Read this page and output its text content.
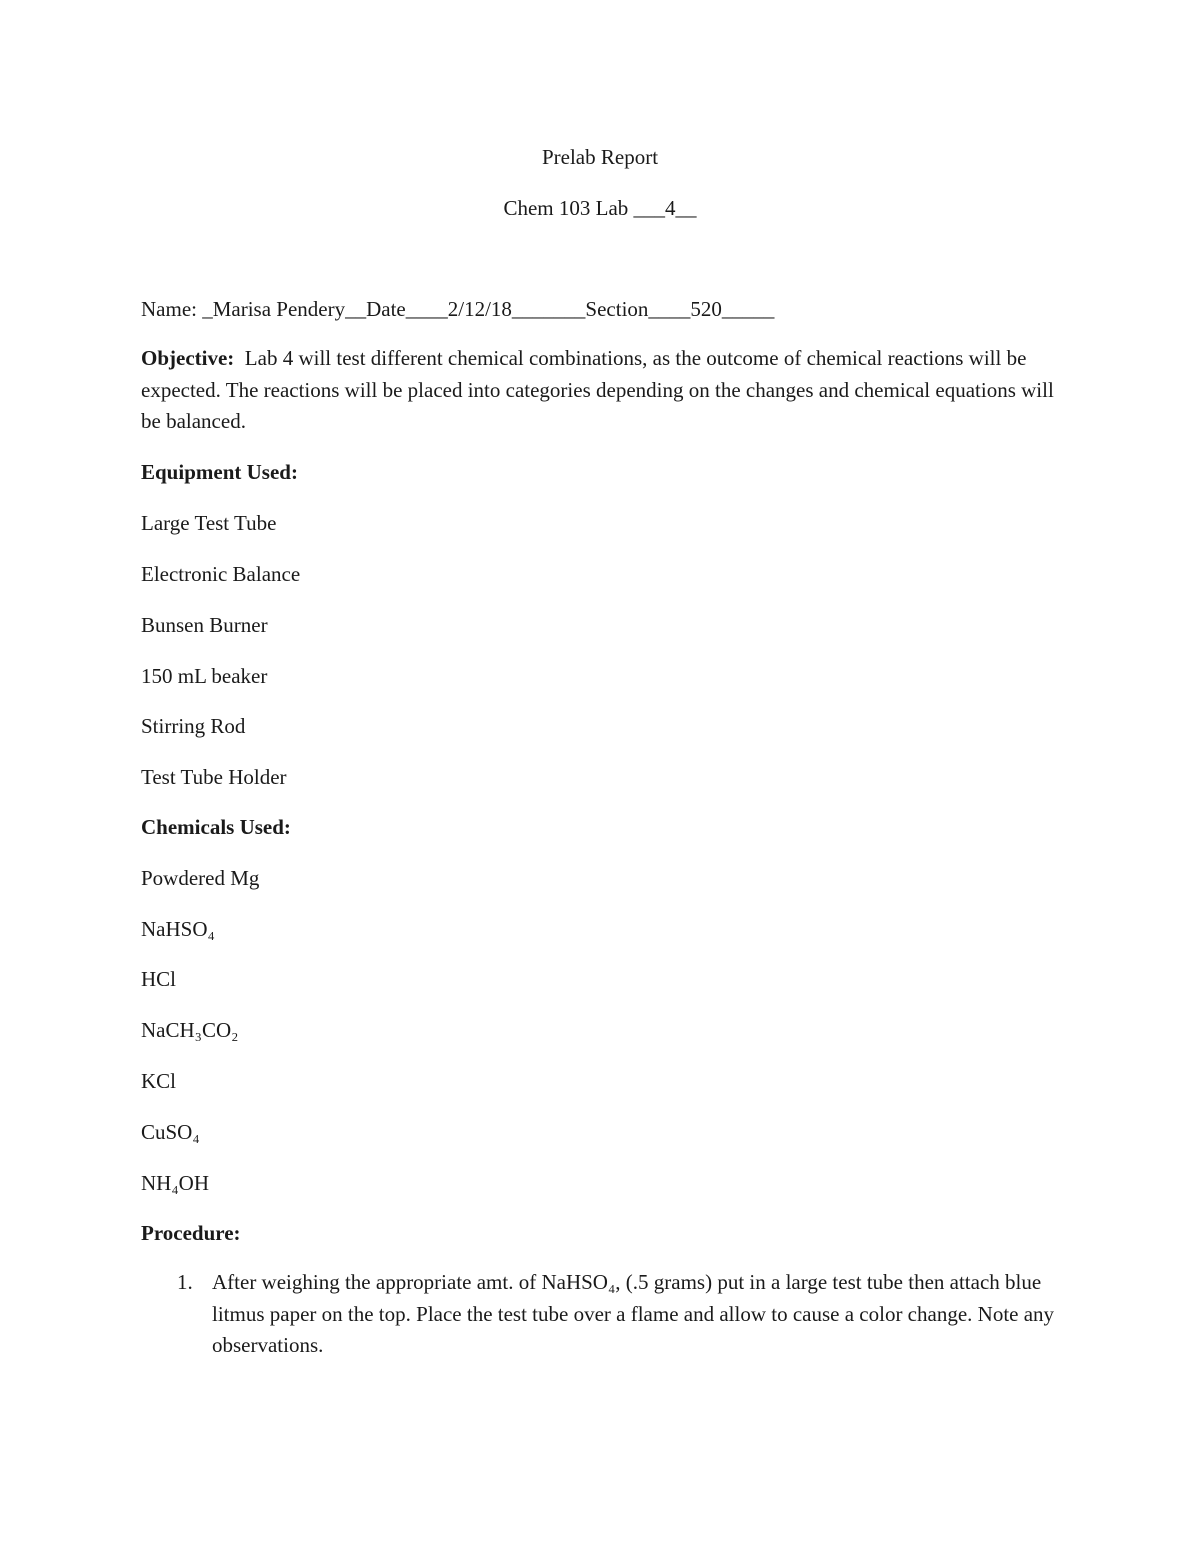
Prelab Report
Chem 103 Lab ___4__
Name: _Marisa Pendery__Date____2/12/18_______Section____520_____
Objective: Lab 4 will test different chemical combinations, as the outcome of chemical reactions will be expected. The reactions will be placed into categories depending on the changes and chemical equations will be balanced.
Equipment Used:
Large Test Tube
Electronic Balance
Bunsen Burner
150 mL beaker
Stirring Rod
Test Tube Holder
Chemicals Used:
Powdered Mg
NaHSO₄
HCl
NaCH₃CO₂
KCl
CuSO₄
NH₄OH
Procedure:
1. After weighing the appropriate amt. of NaHSO₄, (.5 grams) put in a large test tube then attach blue litmus paper on the top. Place the test tube over a flame and allow to cause a color change. Note any observations.
